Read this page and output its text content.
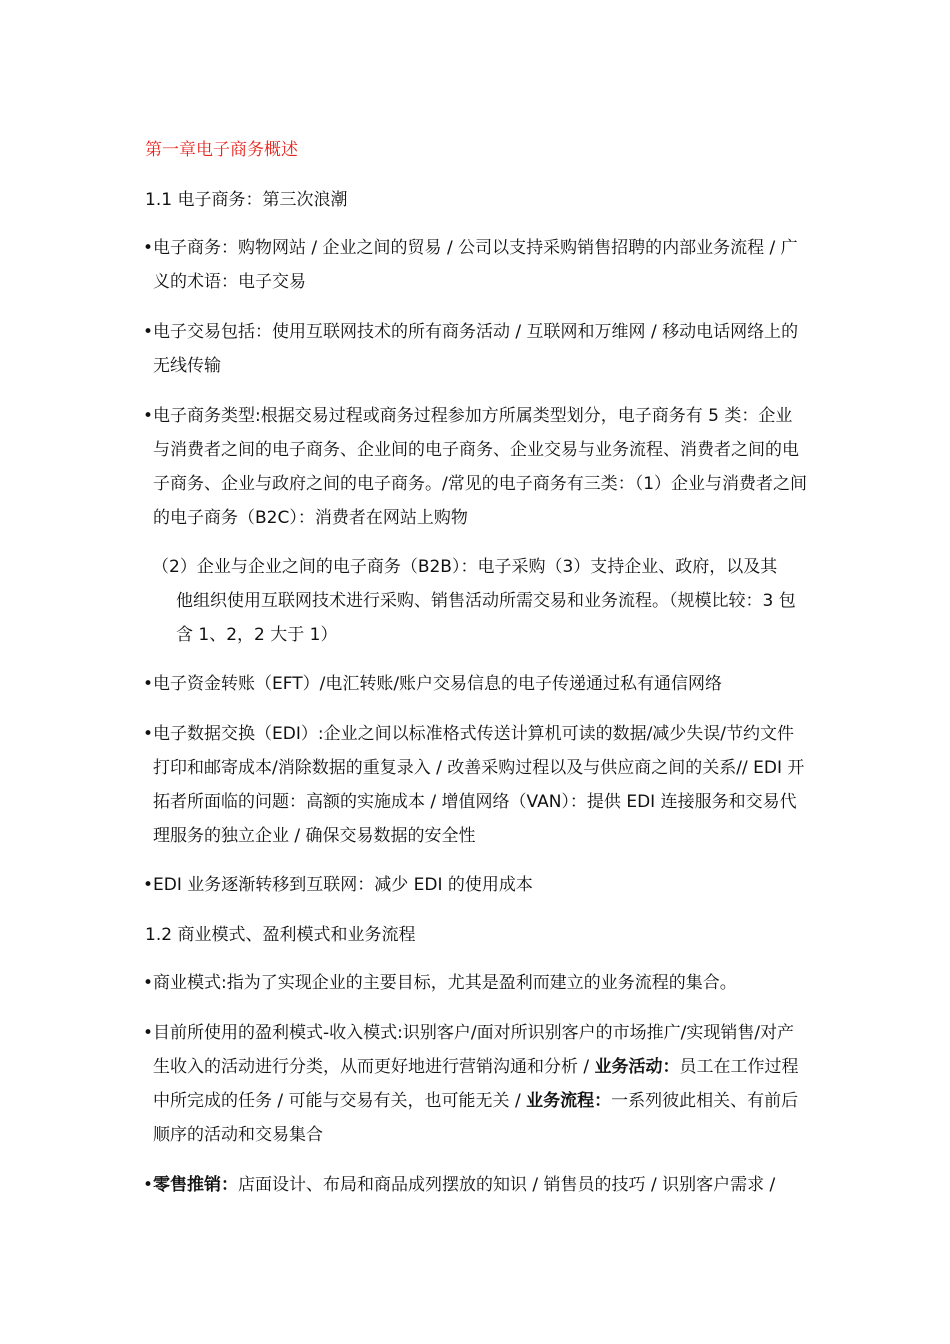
第一章电子商务概述
1.1 电子商务：第三次浪潮
• 电子商务：购物网站 / 企业之间的贸易 / 公司以支持采购销售招聘的内部业务流程 / 广义的术语：电子交易
• 电子交易包括：使用互联网技术的所有商务活动 / 互联网和万维网 / 移动电话网络上的无线传输
• 电子商务类型:根据交易过程或商务过程参加方所属类型划分，电子商务有 5 类：企业与消费者之间的电子商务、企业间的电子商务、企业交易与业务流程、消费者之间的电子商务、企业与政府之间的电子商务。/常见的电子商务有三类：（1）企业与消费者之间的电子商务（B2C）：消费者在网站上购物
（2）企业与企业之间的电子商务（B2B）：电子采购（3）支持企业、政府，以及其
他组织使用互联网技术进行采购、销售活动所需交易和业务流程。（规模比较：3 包含 1、2，2 大于 1）
• 电子资金转账（EFT）/电汇转账/账户交易信息的电子传递通过私有通信网络
• 电子数据交换（EDI）:企业之间以标准格式传送计算机可读的数据/减少失误/节约文件打印和邮寄成本/消除数据的重复录入 / 改善采购过程以及与供应商之间的关系// EDI 开拓者所面临的问题：高额的实施成本 / 增值网络（VAN）：提供 EDI 连接服务和交易代理服务的独立企业 / 确保交易数据的安全性
• EDI 业务逐渐转移到互联网：减少 EDI 的使用成本
1.2 商业模式、盈利模式和业务流程
• 商业模式:指为了实现企业的主要目标，尤其是盈利而建立的业务流程的集合。
• 目前所使用的盈利模式-收入模式:识别客户/面对所识别客户的市场推广/实现销售/对产生收入的活动进行分类，从而更好地进行营销沟通和分析 / 业务活动：员工在工作过程中所完成的任务 / 可能与交易有关，也可能无关 / 业务流程：一系列彼此相关、有前后顺序的活动和交易集合
• 零售推销：店面设计、布局和商品成列摆放的知识 / 销售员的技巧 / 识别客户需求 /
